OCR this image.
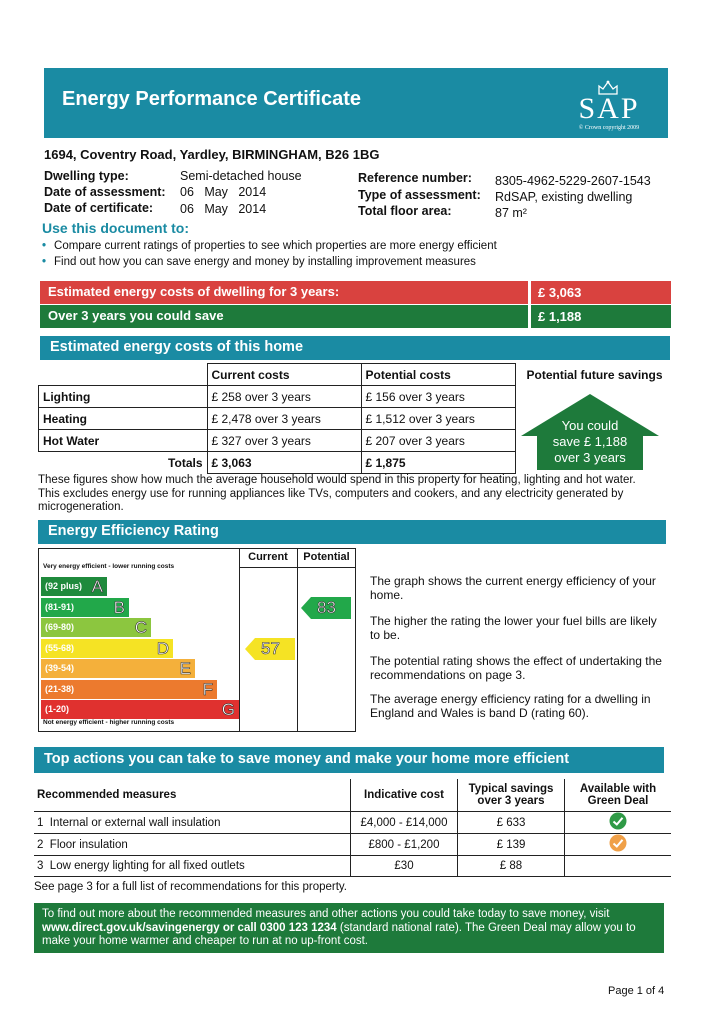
Energy Performance Certificate	SAP
© Crown copyright 2009
1694, Coventry Road, Yardley, BIRMINGHAM, B26 1BG
Dwelling type:	Semi-detached house
Date of assessment: 06   May   2014
Date of certificate: 06   May   2014
Reference number: 8305-4962-5229-2607-1543
Type of assessment: RdSAP, existing dwelling
Total floor area:	87 m²
Use this document to:
• Compare current ratings of properties to see which properties are more energy efficient
• Find out how you can save energy and money by installing improvement measures
Estimated energy costs of dwelling for 3 years:	£ 3,063
Over 3 years you could save	£ 1,188
Estimated energy costs of this home
	Current costs	Potential costs	Potential future savings
Lighting	£ 258 over 3 years	£ 156 over 3 years	
Heating	£ 2,478 over 3 years	£ 1,512 over 3 years	
Hot Water	£ 327 over 3 years	£ 207 over 3 years	
Totals	£ 3,063	£ 1,875	
You could
save £ 1,188
over 3 years
These figures show how much the average household would spend in this property for heating, lighting and hot water. This excludes energy use for running appliances like TVs, computers and cookers, and any electricity generated by microgeneration.
Energy Efficiency Rating
Very energy efficient - lower running costs
Current	Potential
(92 plus) A
(81-91) B
(69-80)	C
(55-68)	D
(39-54)	E
(21-38)	F
(1-20)	G
Not energy efficient - higher running costs
57
83
The graph shows the current energy efficiency of your home.
The higher the rating the lower your fuel bills are likely to be.
The potential rating shows the effect of undertaking the recommendations on page 3.
The average energy efficiency rating for a dwelling in England and Wales is band D (rating 60).
Top actions you can take to save money and make your home more efficient
Recommended measures	Indicative cost	Typical savings over 3 years	Available with Green Deal
1 Internal or external wall insulation	£4,000 - £14,000	£ 633	
2 Floor insulation	£800 - £1,200	£ 139	
3 Low energy lighting for all fixed outlets	£30	£ 88	
See page 3 for a full list of recommendations for this property.
To find out more about the recommended measures and other actions you could take today to save money, visit www.direct.gov.uk/savingenergy or call 0300 123 1234 (standard national rate). The Green Deal may allow you to make your home warmer and cheaper to run at no up-front cost.
Page 1 of 4
